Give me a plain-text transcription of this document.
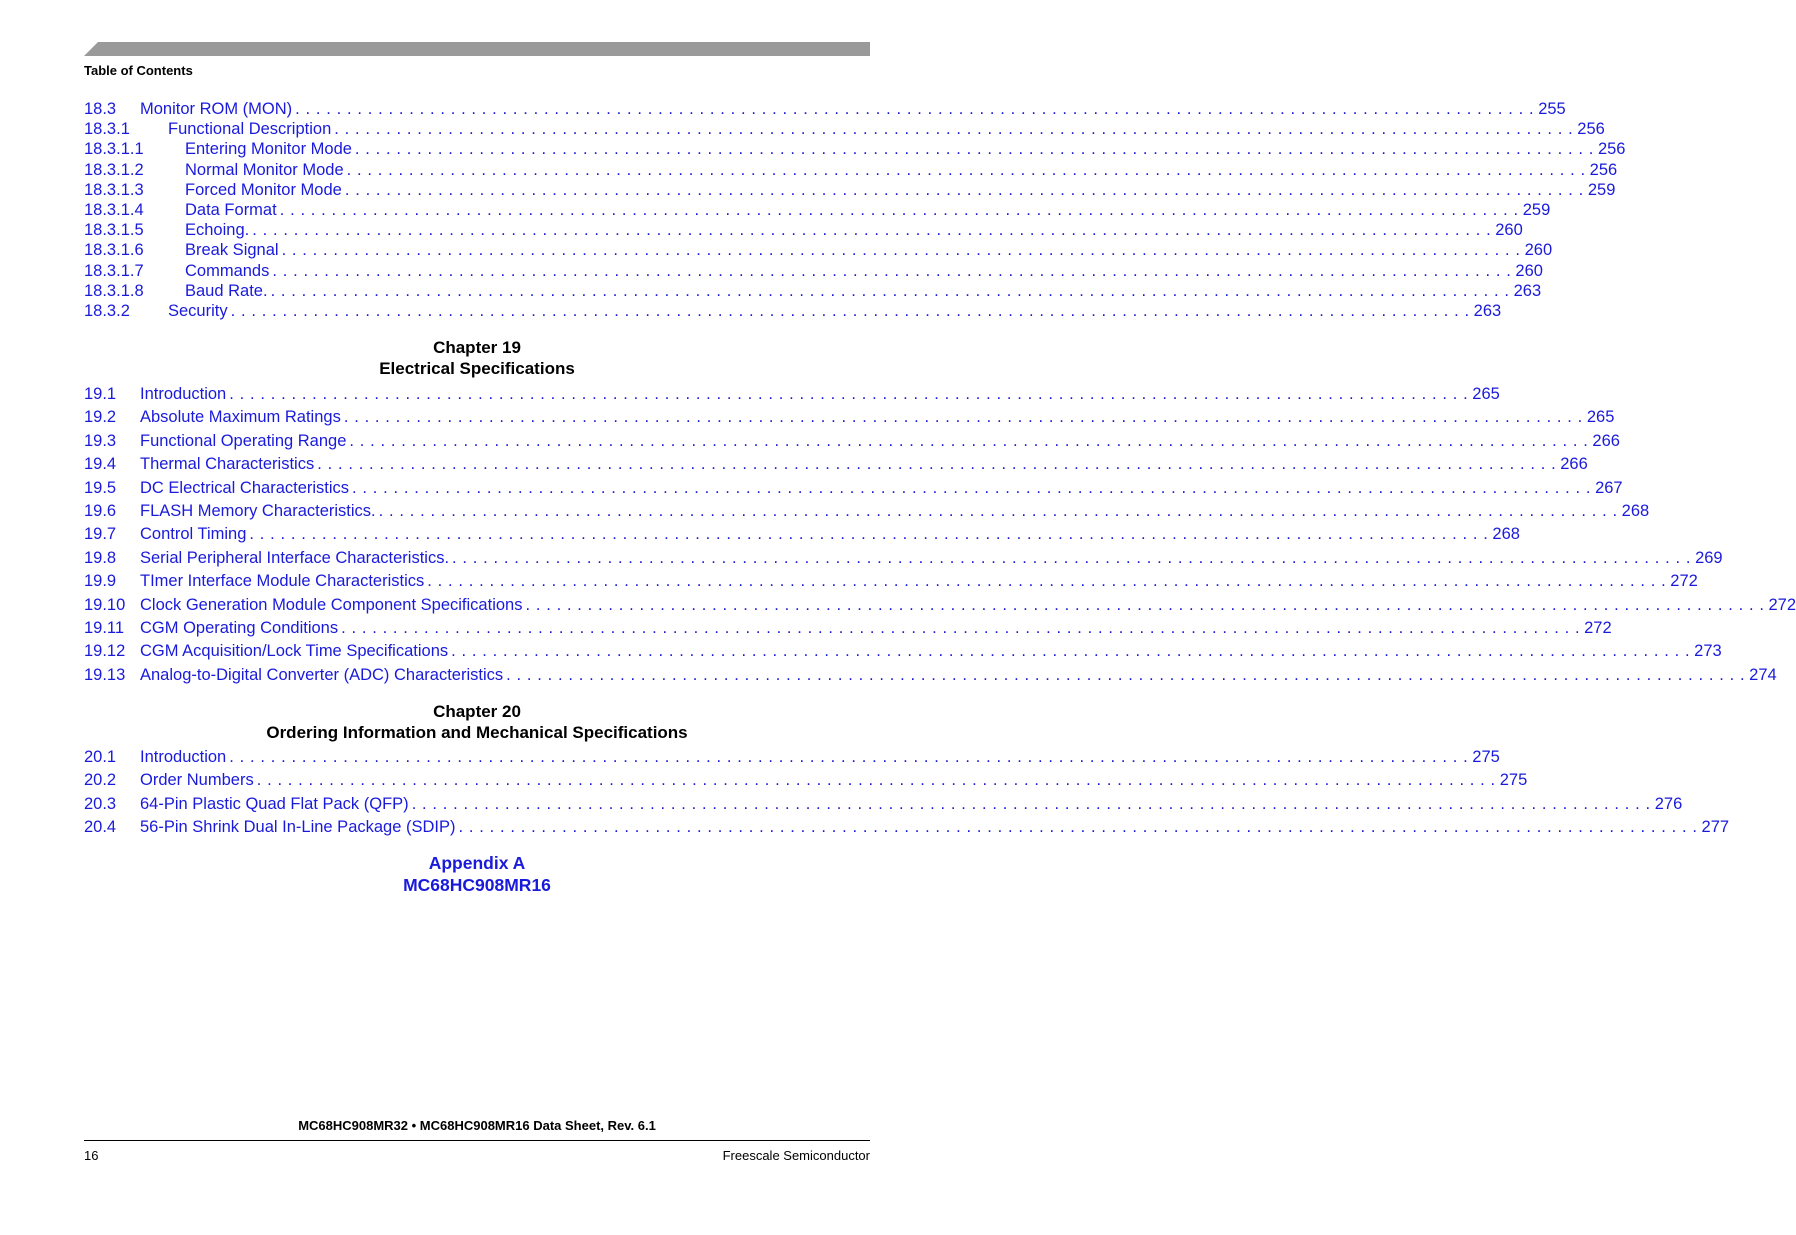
Table of Contents
18.3 Monitor ROM (MON) . . . . . . . . . . . . . . . . . . . . . . . . . . . . . . . . . . . . . . . . . . . . . . . . . . . . . . . . . . . . . . . . . . . . . . . . . . . . . . . . . . . . . . . . . . . . . . . . . . . . . . . . . . . . . . . . . . . . . . . . 255
18.3.1 Functional Description . . . . . . . . . . . . . . . . . . . . . . . . . . . . . . . . . . . . . . . . . . . . . . . . . . . . . . . . . . . . . . . . . . . . . . . . . . . . . . . . . . . . . . . . . . . . . . . . . . . . . . . . . . . . . . . . . . . . . . . . 256
18.3.1.1	Entering Monitor Mode . . . . . . . . . . . . . . . . . . . . . . . . . . . . . . . . . . . . . . . . . . . . . . . . . . . . . . . . . . . . . . . . . . . . . . . . . . . . . . . . . . . . . . . . . . . . . . . . . . . . . . . . . . . . . . . . . . . . . . . . 256
18.3.1.2	Normal Monitor Mode . . . . . . . . . . . . . . . . . . . . . . . . . . . . . . . . . . . . . . . . . . . . . . . . . . . . . . . . . . . . . . . . . . . . . . . . . . . . . . . . . . . . . . . . . . . . . . . . . . . . . . . . . . . . . . . . . . . . . . . . 256
18.3.1.3	Forced Monitor Mode . . . . . . . . . . . . . . . . . . . . . . . . . . . . . . . . . . . . . . . . . . . . . . . . . . . . . . . . . . . . . . . . . . . . . . . . . . . . . . . . . . . . . . . . . . . . . . . . . . . . . . . . . . . . . . . . . . . . . . . . 259
18.3.1.4	Data Format . . . . . . . . . . . . . . . . . . . . . . . . . . . . . . . . . . . . . . . . . . . . . . . . . . . . . . . . . . . . . . . . . . . . . . . . . . . . . . . . . . . . . . . . . . . . . . . . . . . . . . . . . . . . . . . . . . . . . . . . 259
18.3.1.5	Echoing. . . . . . . . . . . . . . . . . . . . . . . . . . . . . . . . . . . . . . . . . . . . . . . . . . . . . . . . . . . . . . . . . . . . . . . . . . . . . . . . . . . . . . . . . . . . . . . . . . . . . . . . . . . . . . . . . . . . . . . . . 260
18.3.1.6	Break Signal . . . . . . . . . . . . . . . . . . . . . . . . . . . . . . . . . . . . . . . . . . . . . . . . . . . . . . . . . . . . . . . . . . . . . . . . . . . . . . . . . . . . . . . . . . . . . . . . . . . . . . . . . . . . . . . . . . . . . . . . 260
18.3.1.7	Commands . . . . . . . . . . . . . . . . . . . . . . . . . . . . . . . . . . . . . . . . . . . . . . . . . . . . . . . . . . . . . . . . . . . . . . . . . . . . . . . . . . . . . . . . . . . . . . . . . . . . . . . . . . . . . . . . . . . . . . . . 260
18.3.1.8	Baud Rate. . . . . . . . . . . . . . . . . . . . . . . . . . . . . . . . . . . . . . . . . . . . . . . . . . . . . . . . . . . . . . . . . . . . . . . . . . . . . . . . . . . . . . . . . . . . . . . . . . . . . . . . . . . . . . . . . . . . . . . . . 263
18.3.2 Security . . . . . . . . . . . . . . . . . . . . . . . . . . . . . . . . . . . . . . . . . . . . . . . . . . . . . . . . . . . . . . . . . . . . . . . . . . . . . . . . . . . . . . . . . . . . . . . . . . . . . . . . . . . . . . . . . . . . . . . . 263
Chapter 19
Electrical Specifications
19.1 Introduction . . . . . . . . . . . . . . . . . . . . . . . . . . . . . . . . . . . . . . . . . . . . . . . . . . . . . . . . . . . . . . . . . . . . . . . . . . . . . . . . . . . . . . . . . . . . . . . . . . . . . . . . . . . . . . . . . . . . . . . . 265
19.2 Absolute Maximum Ratings . . . . . . . . . . . . . . . . . . . . . . . . . . . . . . . . . . . . . . . . . . . . . . . . . . . . . . . . . . . . . . . . . . . . . . . . . . . . . . . . . . . . . . . . . . . . . . . . . . . . . . . . . . . . . . . . . . . . . . . . 265
19.3 Functional Operating Range . . . . . . . . . . . . . . . . . . . . . . . . . . . . . . . . . . . . . . . . . . . . . . . . . . . . . . . . . . . . . . . . . . . . . . . . . . . . . . . . . . . . . . . . . . . . . . . . . . . . . . . . . . . . . . . . . . . . . . . . 266
19.4 Thermal Characteristics . . . . . . . . . . . . . . . . . . . . . . . . . . . . . . . . . . . . . . . . . . . . . . . . . . . . . . . . . . . . . . . . . . . . . . . . . . . . . . . . . . . . . . . . . . . . . . . . . . . . . . . . . . . . . . . . . . . . . . . . 266
19.5 DC Electrical Characteristics . . . . . . . . . . . . . . . . . . . . . . . . . . . . . . . . . . . . . . . . . . . . . . . . . . . . . . . . . . . . . . . . . . . . . . . . . . . . . . . . . . . . . . . . . . . . . . . . . . . . . . . . . . . . . . . . . . . . . . . . 267
19.6 FLASH Memory Characteristics. . . . . . . . . . . . . . . . . . . . . . . . . . . . . . . . . . . . . . . . . . . . . . . . . . . . . . . . . . . . . . . . . . . . . . . . . . . . . . . . . . . . . . . . . . . . . . . . . . . . . . . . . . . . . . . . . . . . . . . . . 268
19.7 Control Timing . . . . . . . . . . . . . . . . . . . . . . . . . . . . . . . . . . . . . . . . . . . . . . . . . . . . . . . . . . . . . . . . . . . . . . . . . . . . . . . . . . . . . . . . . . . . . . . . . . . . . . . . . . . . . . . . . . . . . . . . 268
19.8 Serial Peripheral Interface Characteristics. . . . . . . . . . . . . . . . . . . . . . . . . . . . . . . . . . . . . . . . . . . . . . . . . . . . . . . . . . . . . . . . . . . . . . . . . . . . . . . . . . . . . . . . . . . . . . . . . . . . . . . . . . . . . . . . . . . . . . . . . 269
19.9 TImer Interface Module Characteristics . . . . . . . . . . . . . . . . . . . . . . . . . . . . . . . . . . . . . . . . . . . . . . . . . . . . . . . . . . . . . . . . . . . . . . . . . . . . . . . . . . . . . . . . . . . . . . . . . . . . . . . . . . . . . . . . . . . . . . . . 272
19.10 Clock Generation Module Component Specifications . . . . . . . . . . . . . . . . . . . . . . . . . . . . . . . . . . . . . . . . . . . . . . . . . . . . . . . . . . . . . . . . . . . . . . . . . . . . . . . . . . . . . . . . . . . . . . . . . . . . . . . . . . . . . . . . . . . . . . . . 272
19.11 CGM Operating Conditions . . . . . . . . . . . . . . . . . . . . . . . . . . . . . . . . . . . . . . . . . . . . . . . . . . . . . . . . . . . . . . . . . . . . . . . . . . . . . . . . . . . . . . . . . . . . . . . . . . . . . . . . . . . . . . . . . . . . . . . . 272
19.12 CGM Acquisition/Lock Time Specifications . . . . . . . . . . . . . . . . . . . . . . . . . . . . . . . . . . . . . . . . . . . . . . . . . . . . . . . . . . . . . . . . . . . . . . . . . . . . . . . . . . . . . . . . . . . . . . . . . . . . . . . . . . . . . . . . . . . . . . . . 273
19.13 Analog-to-Digital Converter (ADC) Characteristics . . . . . . . . . . . . . . . . . . . . . . . . . . . . . . . . . . . . . . . . . . . . . . . . . . . . . . . . . . . . . . . . . . . . . . . . . . . . . . . . . . . . . . . . . . . . . . . . . . . . . . . . . . . . . . . . . . . . . . . . 274
Chapter 20
Ordering Information and Mechanical Specifications
20.1 Introduction . . . . . . . . . . . . . . . . . . . . . . . . . . . . . . . . . . . . . . . . . . . . . . . . . . . . . . . . . . . . . . . . . . . . . . . . . . . . . . . . . . . . . . . . . . . . . . . . . . . . . . . . . . . . . . . . . . . . . . . . 275
20.2 Order Numbers . . . . . . . . . . . . . . . . . . . . . . . . . . . . . . . . . . . . . . . . . . . . . . . . . . . . . . . . . . . . . . . . . . . . . . . . . . . . . . . . . . . . . . . . . . . . . . . . . . . . . . . . . . . . . . . . . . . . . . . . 275
20.3 64-Pin Plastic Quad Flat Pack (QFP) . . . . . . . . . . . . . . . . . . . . . . . . . . . . . . . . . . . . . . . . . . . . . . . . . . . . . . . . . . . . . . . . . . . . . . . . . . . . . . . . . . . . . . . . . . . . . . . . . . . . . . . . . . . . . . . . . . . . . . . . 276
20.4 56-Pin Shrink Dual In-Line Package (SDIP) . . . . . . . . . . . . . . . . . . . . . . . . . . . . . . . . . . . . . . . . . . . . . . . . . . . . . . . . . . . . . . . . . . . . . . . . . . . . . . . . . . . . . . . . . . . . . . . . . . . . . . . . . . . . . . . . . . . . . . . . 277
Appendix A
MC68HC908MR16
MC68HC908MR32 • MC68HC908MR16 Data Sheet, Rev. 6.1
16	Freescale Semiconductor
